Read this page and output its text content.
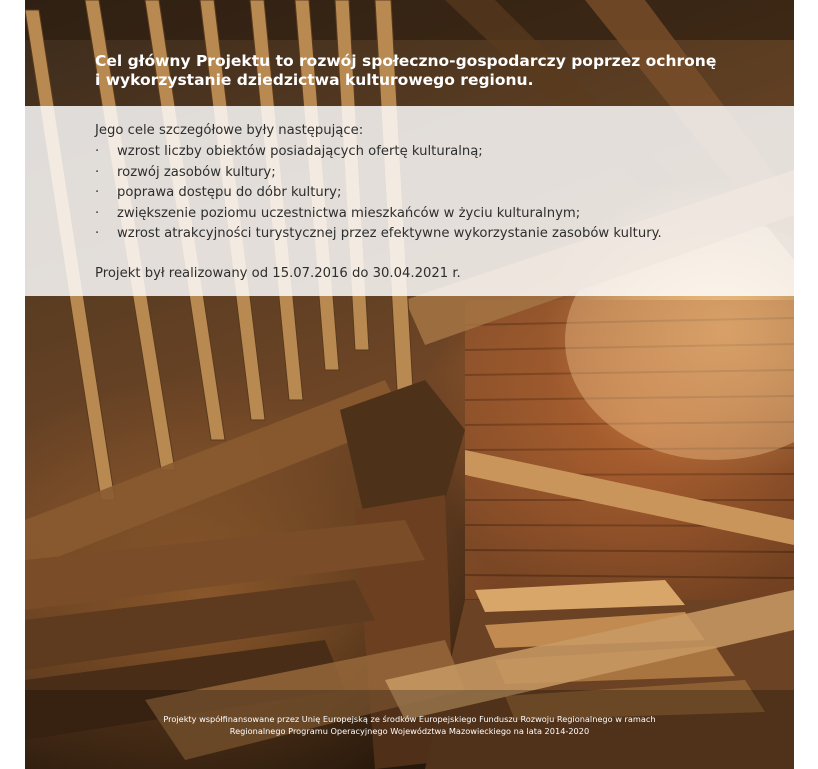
Cel główny Projektu to rozwój społeczno-gospodarczy poprzez ochronę
i wykorzystanie dziedzictwa kulturowego regionu.
Jego cele szczegółowe były następujące:
· wzrost liczby obiektów posiadających ofertę kulturalną;
· rozwój zasobów kultury;
· poprawa dostępu do dóbr kultury;
· zwiększenie poziomu uczestnictwa mieszkańców w życiu kulturalnym;
· wzrost atrakcyjności turystycznej przez efektywne wykorzystanie zasobów kultury.
Projekt był realizowany od 15.07.2016 do 30.04.2021 r.
Projekty współfinansowane przez Unię Europejską ze środków Europejskiego Funduszu Rozwoju Regionalnego w ramach
Regionalnego Programu Operacyjnego Województwa Mazowieckiego na lata 2014-2020
